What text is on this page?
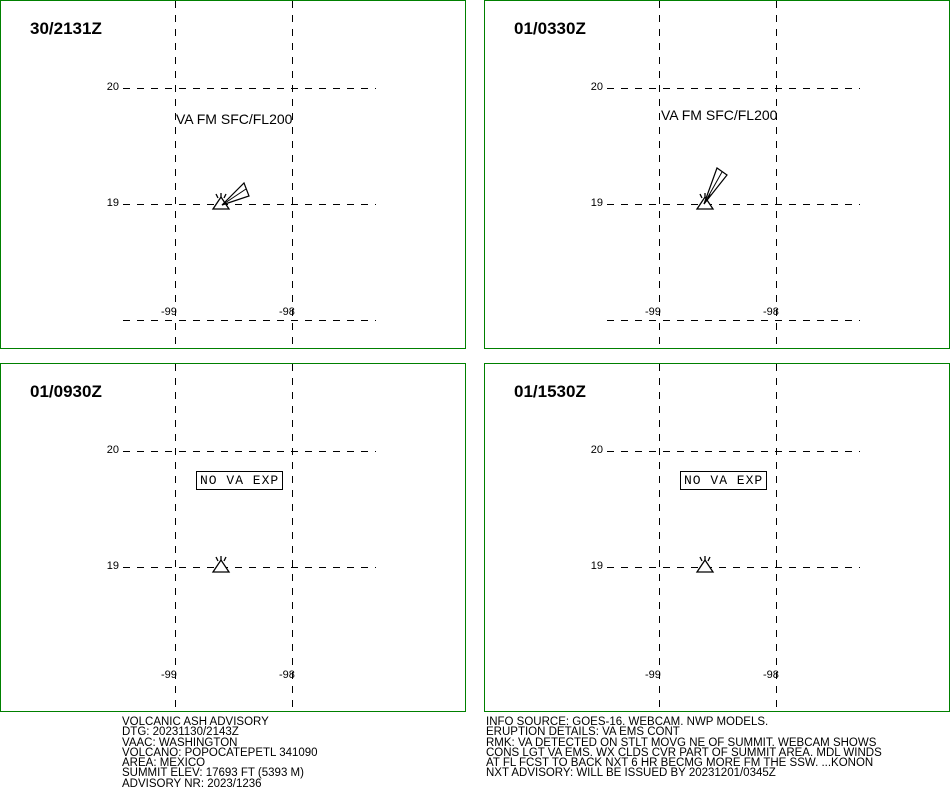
30/2131Z
20
19
-99	-98
VA FM SFC/FL200
01/0330Z
20
19
-99	-98
VA FM SFC/FL200
01/0930Z
20
19
-99	-98
NO VA EXP
01/1530Z
20
19
-99	-98
NO VA EXP
VOLCANIC ASH ADVISORY
DTG: 20231130/2143Z
VAAC: WASHINGTON
VOLCANO: POPOCATEPETL 341090
AREA: MEXICO
SUMMIT ELEV: 17693 FT (5393 M)
ADVISORY NR: 2023/1236
INFO SOURCE: GOES-16. WEBCAM. NWP MODELS.
ERUPTION DETAILS: VA EMS CONT
RMK: VA DETECTED ON STLT MOVG NE OF SUMMIT. WEBCAM SHOWS
CONS LGT VA EMS. WX CLDS CVR PART OF SUMMIT AREA. MDL WINDS
AT FL FCST TO BACK NXT 6 HR BECMG MORE FM THE SSW. ...KONON
NXT ADVISORY: WILL BE ISSUED BY 20231201/0345Z
